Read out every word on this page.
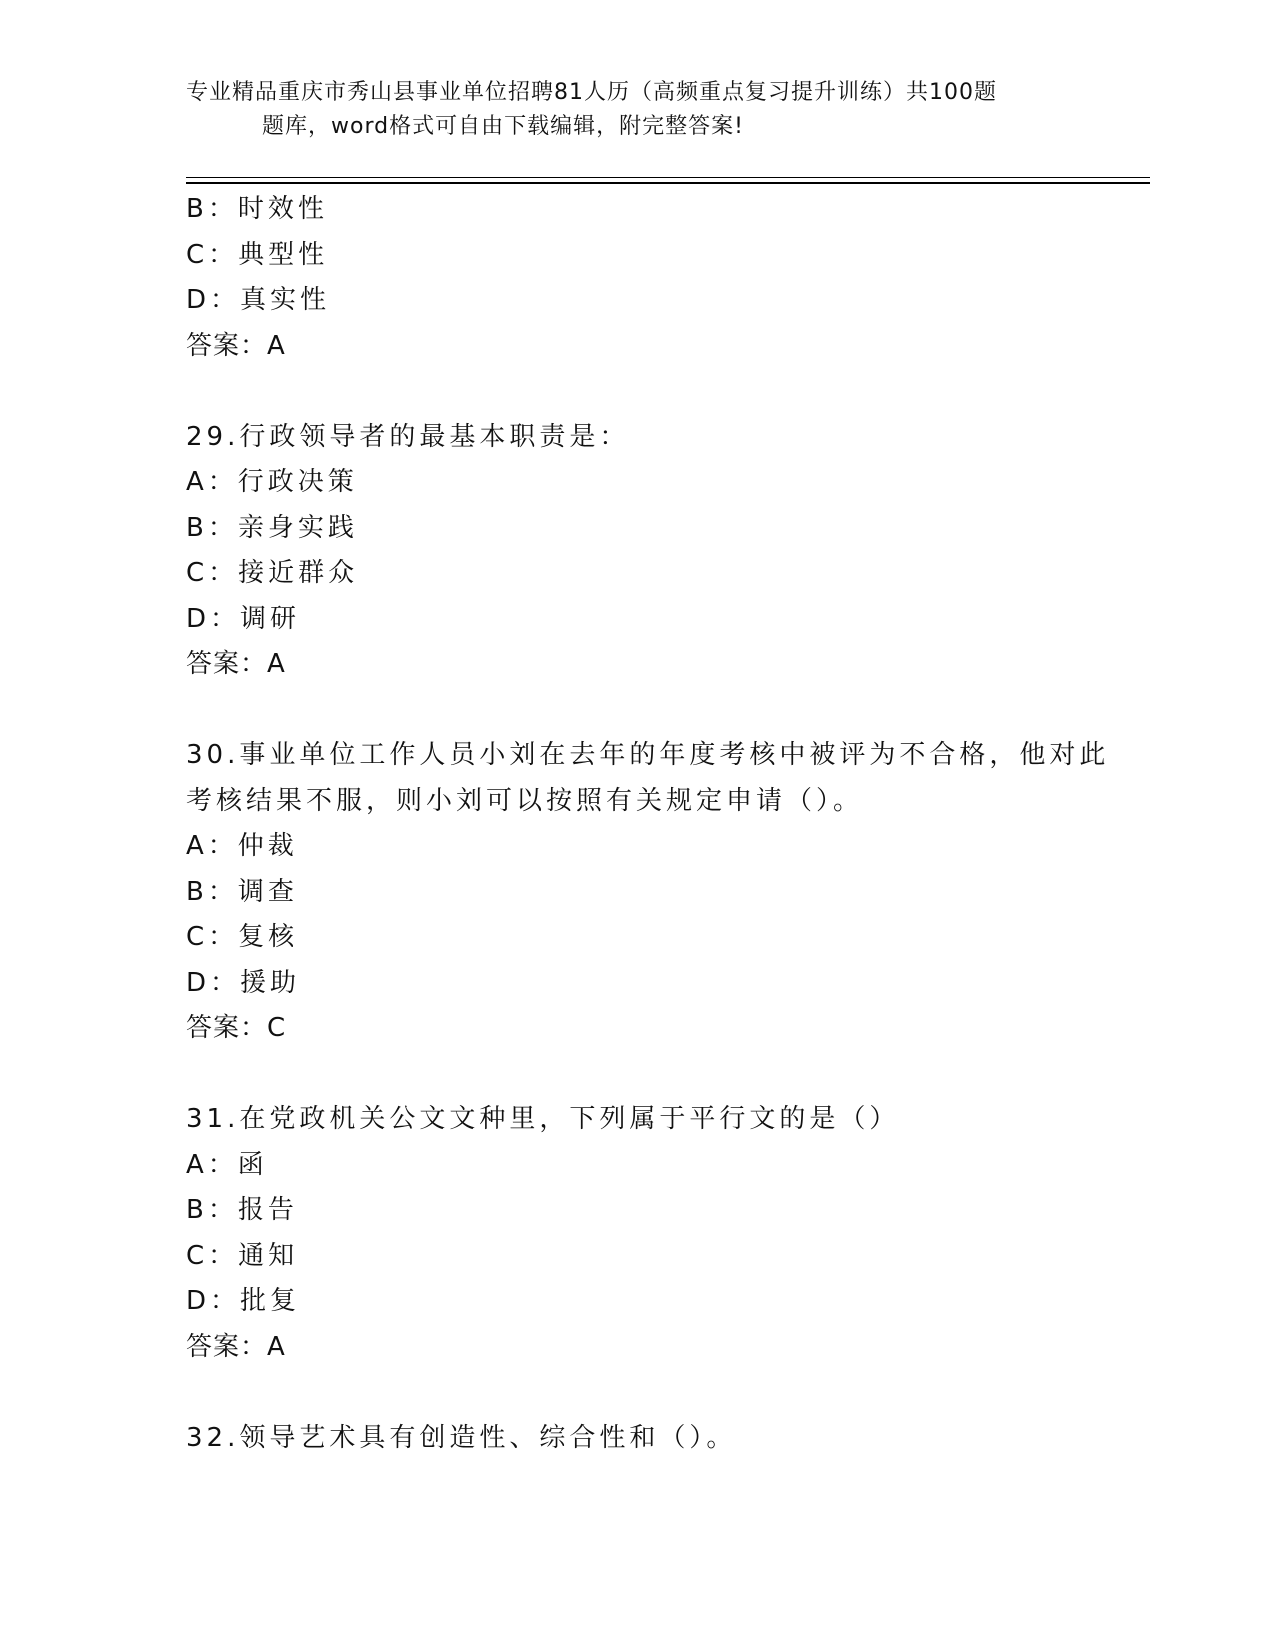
专业精品重庆市秀山县事业单位招聘81人历（高频重点复习提升训练）共100题
题库，word格式可自由下载编辑，附完整答案!
B：时效性
C：典型性
D：真实性
答案：A
29.行政领导者的最基本职责是：
A：行政决策
B：亲身实践
C：接近群众
D：调研
答案：A
30.事业单位工作人员小刘在去年的年度考核中被评为不合格，他对此
考核结果不服，则小刘可以按照有关规定申请（）。
A：仲裁
B：调查
C：复核
D：援助
答案：C
31.在党政机关公文文种里，下列属于平行文的是（）
A：函
B：报告
C：通知
D：批复
答案：A
32.领导艺术具有创造性、综合性和（）。
